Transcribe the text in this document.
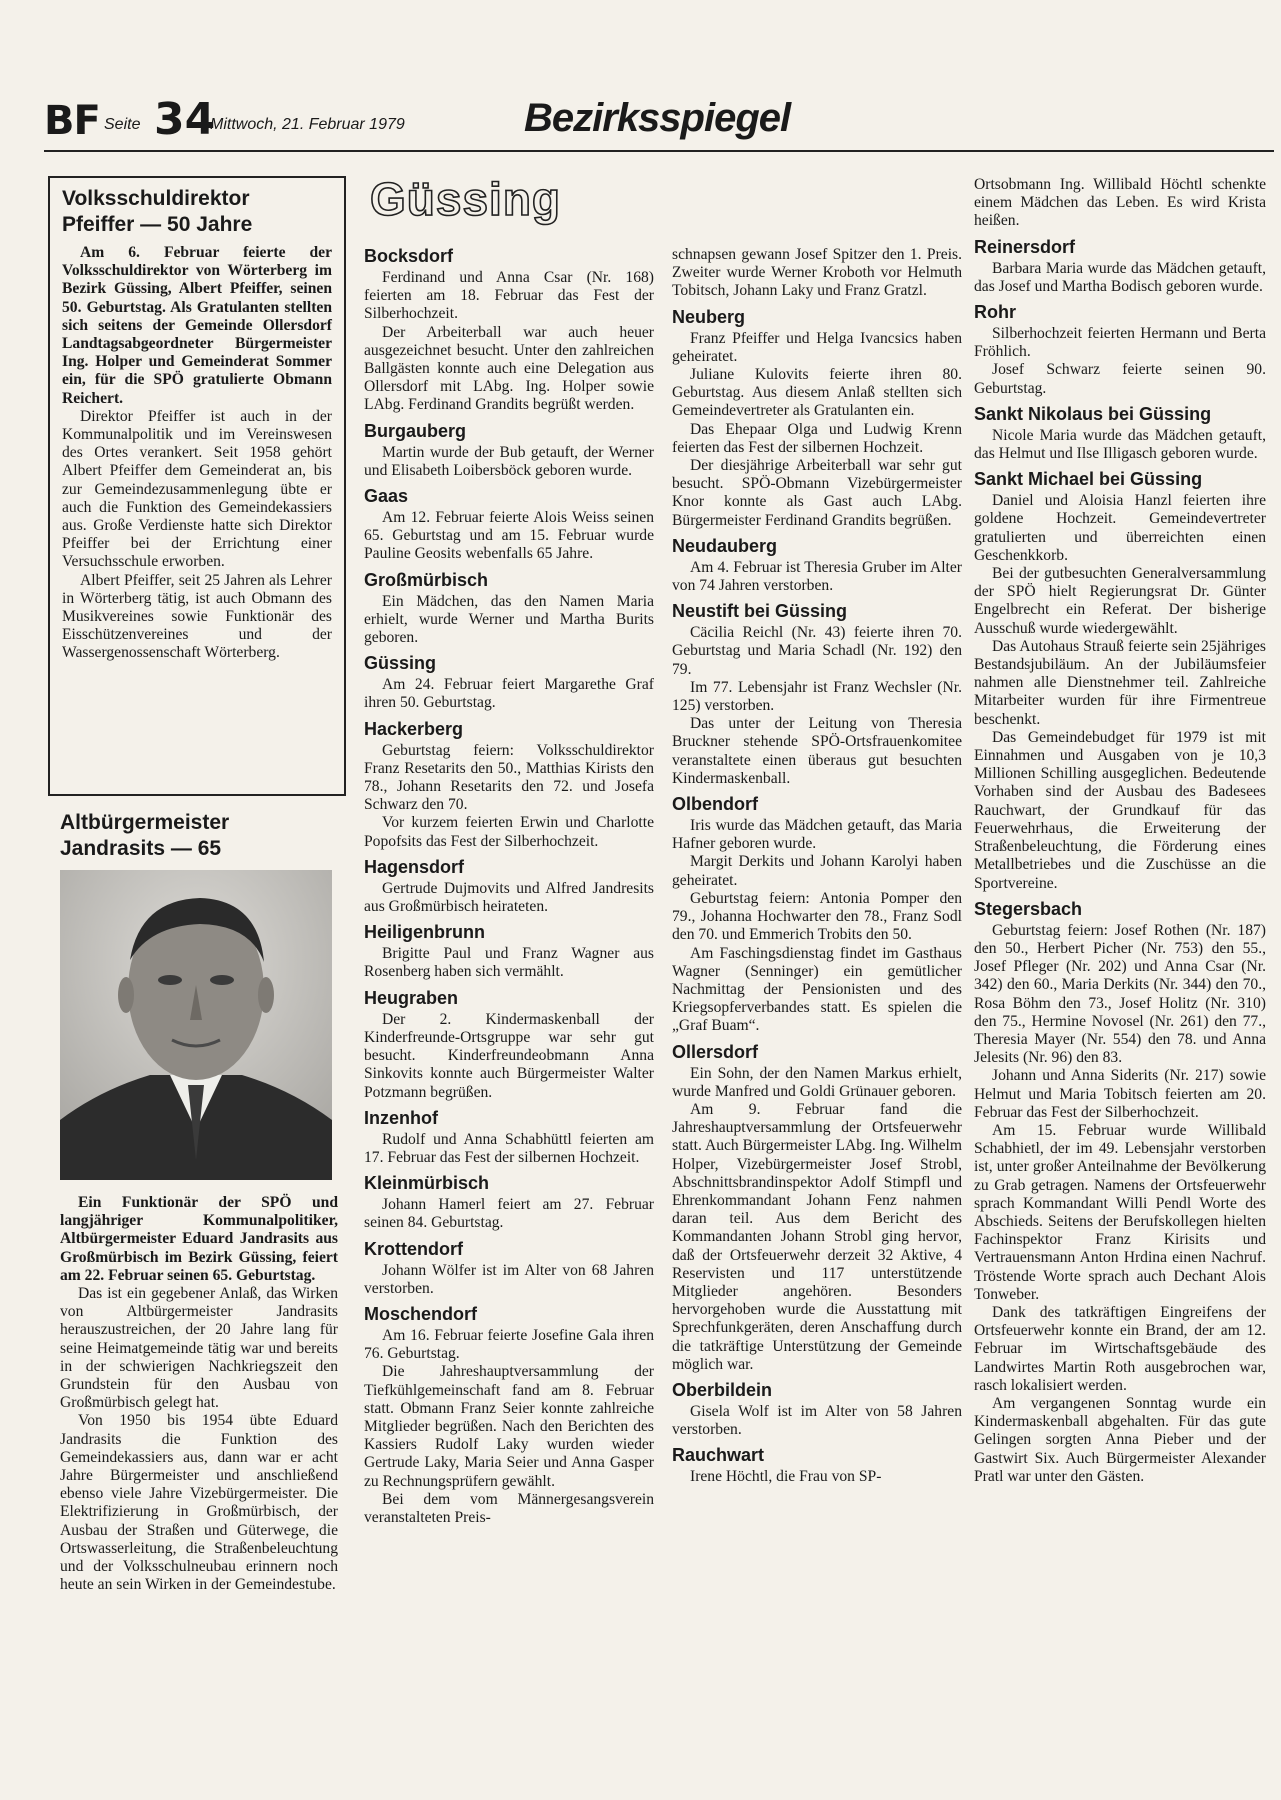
BF Seite 34
Mittwoch, 21. Februar 1979	Bezirksspiegel
Volksschuldirektor
Pfeiffer — 50 Jahre

Am 6. Februar feierte der Volksschuldirektor von Wörterberg im Bezirk Güssing, Albert Pfeiffer, seinen 50. Geburtstag. Als Gratulanten stellten sich seitens der Gemeinde Ollersdorf Landtagsabgeordneter Bürgermeister Ing. Holper und Gemeinderat Sommer ein, für die SPÖ gratulierte Obmann Reichert.

Direktor Pfeiffer ist auch in der Kommunalpolitik und im Vereinswesen des Ortes verankert. Seit 1958 gehört Albert Pfeiffer dem Gemeinderat an, bis zur Gemeindezusammenlegung übte er auch die Funktion des Gemeindekassiers aus. Große Verdienste hatte sich Direktor Pfeiffer bei der Errichtung einer Versuchsschule erworben.

Albert Pfeiffer, seit 25 Jahren als Lehrer in Wörterberg tätig, ist auch Obmann des Musikvereines sowie Funktionär des Eisschützenvereines und der Wassergenossenschaft Wörterberg.

Altbürgermeister
Jandrasits — 65

Ein Funktionär der SPÖ und langjähriger Kommunalpolitiker, Altbürgermeister Eduard Jandrasits aus Großmürbisch im Bezirk Güssing, feiert am 22. Februar seinen 65. Geburtstag.

Das ist ein gegebener Anlaß, das Wirken von Altbürgermeister Jandrasits herauszustreichen, der 20 Jahre lang für seine Heimatgemeinde tätig war und bereits in der schwierigen Nachkriegszeit den Grundstein für den Ausbau von Großmürbisch gelegt hat.

Von 1950 bis 1954 übte Eduard Jandrasits die Funktion des Gemeindekassiers aus, dann war er acht Jahre Bürgermeister und anschließend ebenso viele Jahre Vizebürgermeister. Die Elektrifizierung in Großmürbisch, der Ausbau der Straßen und Güterwege, die Ortswasserleitung, die Straßenbeleuchtung und der Volksschulneubau erinnern noch heute an sein Wirken in der Gemeindestube.

Güssing
Bocksdorf

Ferdinand und Anna Csar (Nr. 168) feierten am 18. Februar das Fest der Silberhochzeit.

Der Arbeiterball war auch heuer ausgezeichnet besucht. Unter den zahlreichen Ballgästen konnte auch eine Delegation aus Ollersdorf mit LAbg. Ing. Holper sowie LAbg. Ferdinand Grandits begrüßt werden.

Burgauberg

Martin wurde der Bub getauft, der Werner und Elisabeth Loibersböck geboren wurde.

Gaas

Am 12. Februar feierte Alois Weiss seinen 65. Geburtstag und am 15. Februar wurde Pauline Geosits webenfalls 65 Jahre.

Großmürbisch

Ein Mädchen, das den Namen Maria erhielt, wurde Werner und Martha Burits geboren.

Güssing

Am 24. Februar feiert Margarethe Graf ihren 50. Geburtstag.

Hackerberg

Geburtstag feiern: Volksschuldirektor Franz Resetarits den 50., Matthias Kirists den 78., Johann Resetarits den 72. und Josefa Schwarz den 70.

Vor kurzem feierten Erwin und Charlotte Popofsits das Fest der Silberhochzeit.

Hagensdorf

Gertrude Dujmovits und Alfred Jandresits aus Großmürbisch heirateten.

Heiligenbrunn

Brigitte Paul und Franz Wagner aus Rosenberg haben sich vermählt.

Heugraben

Der 2. Kindermaskenball der Kinderfreunde-Ortsgruppe war sehr gut besucht. Kinderfreundeobmann Anna Sinkovits konnte auch Bürgermeister Walter Potzmann begrüßen.

Inzenhof

Rudolf und Anna Schabhüttl feierten am 17. Februar das Fest der silbernen Hochzeit.

Kleinmürbisch

Johann Hamerl feiert am 27. Februar seinen 84. Geburtstag.

Krottendorf

Johann Wölfer ist im Alter von 68 Jahren verstorben.

Moschendorf

Am 16. Februar feierte Josefine Gala ihren 76. Geburtstag.

Die Jahreshauptversammlung der Tiefkühlgemeinschaft fand am 8. Februar statt. Obmann Franz Seier konnte zahlreiche Mitglieder begrüßen. Nach den Berichten des Kassiers Rudolf Laky wurden wieder Gertrude Laky, Maria Seier und Anna Gasper zu Rechnungsprüfern gewählt.

Bei dem vom Männergesangsverein veranstalteten Preis-

schnapsen gewann Josef Spitzer den 1. Preis. Zweiter wurde Werner Kroboth vor Helmuth Tobitsch, Johann Laky und Franz Gratzl.

Neuberg

Franz Pfeiffer und Helga Ivancsics haben geheiratet.

Juliane Kulovits feierte ihren 80. Geburtstag. Aus diesem Anlaß stellten sich Gemeindevertreter als Gratulanten ein.

Das Ehepaar Olga und Ludwig Krenn feierten das Fest der silbernen Hochzeit.

Der diesjährige Arbeiterball war sehr gut besucht. SPÖ-Obmann Vizebürgermeister Knor konnte als Gast auch LAbg. Bürgermeister Ferdinand Grandits begrüßen.

Neudauberg

Am 4. Februar ist Theresia Gruber im Alter von 74 Jahren verstorben.

Neustift bei Güssing

Cäcilia Reichl (Nr. 43) feierte ihren 70. Geburtstag und Maria Schadl (Nr. 192) den 79.

Im 77. Lebensjahr ist Franz Wechsler (Nr. 125) verstorben.

Das unter der Leitung von Theresia Bruckner stehende SPÖ-Ortsfrauenkomitee veranstaltete einen überaus gut besuchten Kindermaskenball.

Olbendorf

Iris wurde das Mädchen getauft, das Maria Hafner geboren wurde.

Margit Derkits und Johann Karolyi haben geheiratet.

Geburtstag feiern: Antonia Pomper den 79., Johanna Hochwarter den 78., Franz Sodl den 70. und Emmerich Trobits den 50.

Am Faschingsdienstag findet im Gasthaus Wagner (Senninger) ein gemütlicher Nachmittag der Pensionisten und des Kriegsopferverbandes statt. Es spielen die „Graf Buam“.

Ollersdorf

Ein Sohn, der den Namen Markus erhielt, wurde Manfred und Goldi Grünauer geboren.

Am 9. Februar fand die Jahreshauptversammlung der Ortsfeuerwehr statt. Auch Bürgermeister LAbg. Ing. Wilhelm Holper, Vizebürgermeister Josef Strobl, Abschnittsbrandinspektor Adolf Stimpfl und Ehrenkommandant Johann Fenz nahmen daran teil. Aus dem Bericht des Kommandanten Johann Strobl ging hervor, daß der Ortsfeuerwehr derzeit 32 Aktive, 4 Reservisten und 117 unterstützende Mitglieder angehören. Besonders hervorgehoben wurde die Ausstattung mit Sprechfunkgeräten, deren Anschaffung durch die tatkräftige Unterstützung der Gemeinde möglich war.

Oberbildein

Gisela Wolf ist im Alter von 58 Jahren verstorben.

Rauchwart

Irene Höchtl, die Frau von SP-

Ortsobmann Ing. Willibald Höchtl schenkte einem Mädchen das Leben. Es wird Krista heißen.

Reinersdorf

Barbara Maria wurde das Mädchen getauft, das Josef und Martha Bodisch geboren wurde.

Rohr

Silberhochzeit feierten Hermann und Berta Fröhlich.

Josef Schwarz feierte seinen 90. Geburtstag.

Sankt Nikolaus bei Güssing

Nicole Maria wurde das Mädchen getauft, das Helmut und Ilse Illigasch geboren wurde.

Sankt Michael bei Güssing

Daniel und Aloisia Hanzl feierten ihre goldene Hochzeit. Gemeindevertreter gratulierten und überreichten einen Geschenkkorb.

Bei der gutbesuchten Generalversammlung der SPÖ hielt Regierungsrat Dr. Günter Engelbrecht ein Referat. Der bisherige Ausschuß wurde wiedergewählt.

Das Autohaus Strauß feierte sein 25jähriges Bestandsjubiläum. An der Jubiläumsfeier nahmen alle Dienstnehmer teil. Zahlreiche Mitarbeiter wurden für ihre Firmentreue beschenkt.

Das Gemeindebudget für 1979 ist mit Einnahmen und Ausgaben von je 10,3 Millionen Schilling ausgeglichen. Bedeutende Vorhaben sind der Ausbau des Badesees Rauchwart, der Grundkauf für das Feuerwehrhaus, die Erweiterung der Straßenbeleuchtung, die Förderung eines Metallbetriebes und die Zuschüsse an die Sportvereine.

Stegersbach

Geburtstag feiern: Josef Rothen (Nr. 187) den 50., Herbert Picher (Nr. 753) den 55., Josef Pfleger (Nr. 202) und Anna Csar (Nr. 342) den 60., Maria Derkits (Nr. 344) den 70., Rosa Böhm den 73., Josef Holitz (Nr. 310) den 75., Hermine Novosel (Nr. 261) den 77., Theresia Mayer (Nr. 554) den 78. und Anna Jelesits (Nr. 96) den 83.

Johann und Anna Siderits (Nr. 217) sowie Helmut und Maria Tobitsch feierten am 20. Februar das Fest der Silberhochzeit.

Am 15. Februar wurde Willibald Schabhietl, der im 49. Lebensjahr verstorben ist, unter großer Anteilnahme der Bevölkerung zu Grab getragen. Namens der Ortsfeuerwehr sprach Kommandant Willi Pendl Worte des Abschieds. Seitens der Berufskollegen hielten Fachinspektor Franz Kirisits und Vertrauensmann Anton Hrdina einen Nachruf. Tröstende Worte sprach auch Dechant Alois Tonweber.

Dank des tatkräftigen Eingreifens der Ortsfeuerwehr konnte ein Brand, der am 12. Februar im Wirtschaftsgebäude des Landwirtes Martin Roth ausgebrochen war, rasch lokalisiert werden.

Am vergangenen Sonntag wurde ein Kindermaskenball abgehalten. Für das gute Gelingen sorgten Anna Pieber und der Gastwirt Six. Auch Bürgermeister Alexander Pratl war unter den Gästen.
